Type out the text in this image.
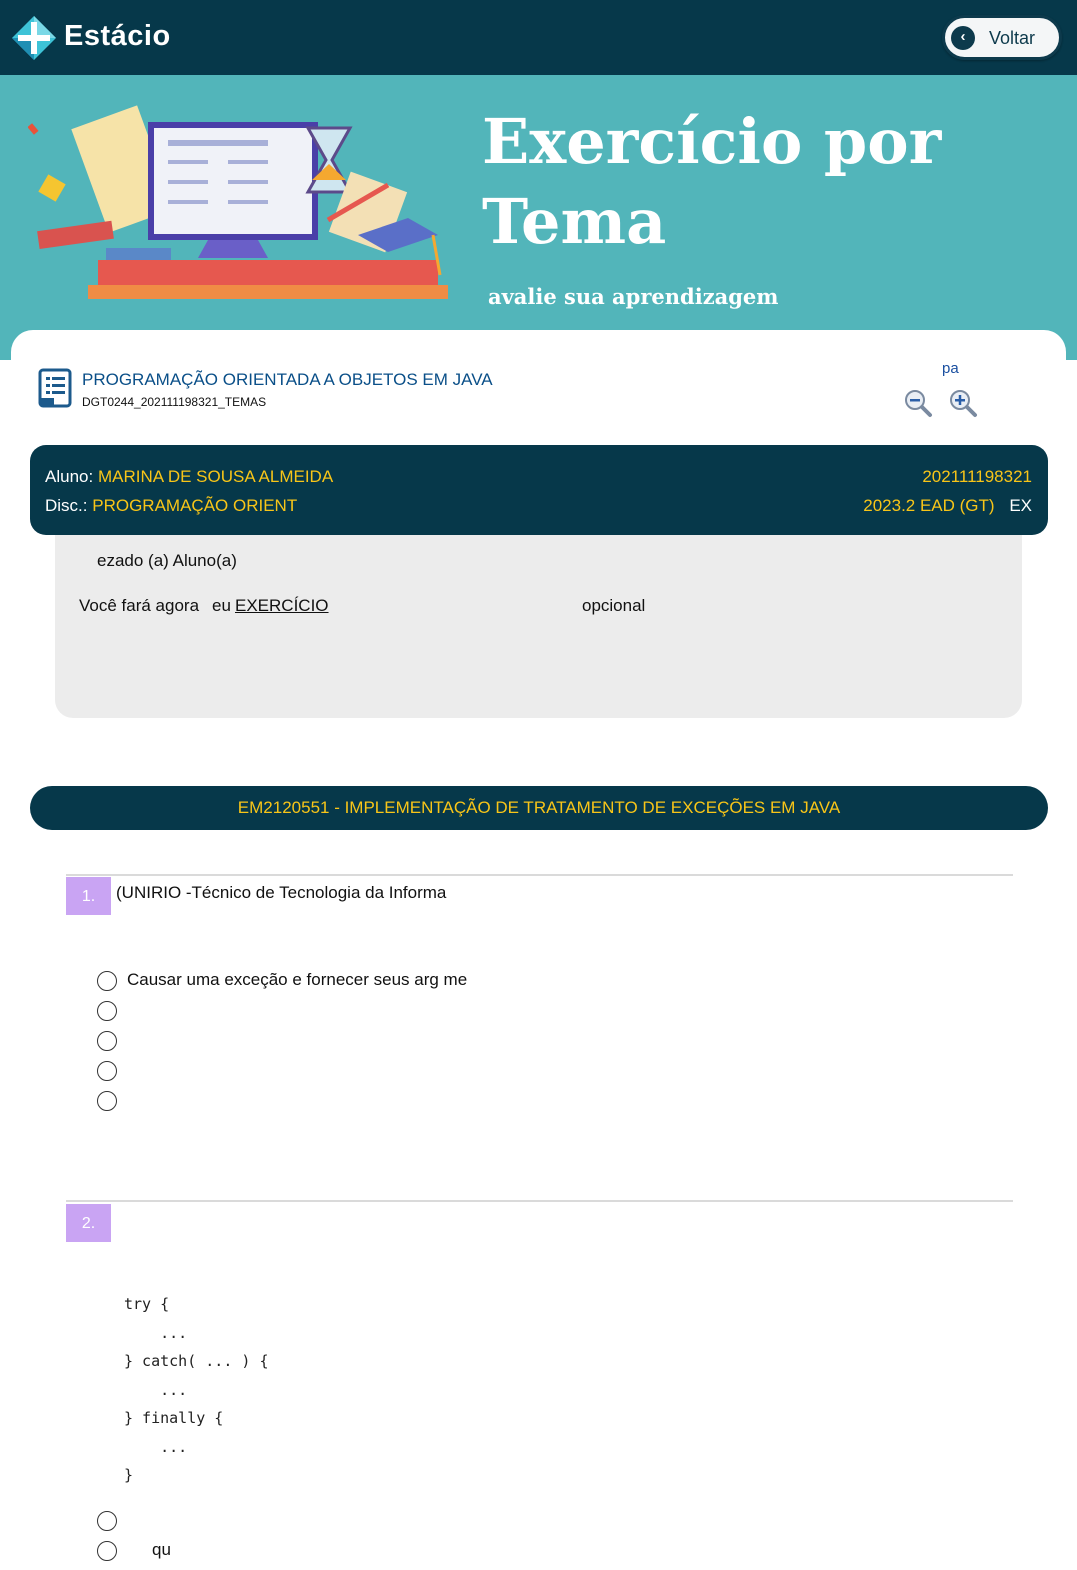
Estácio	‹	Voltar
Exercício por
Tema
avalie sua aprendizagem
PROGRAMAÇÃO ORIENTADA A OBJETOS EM JAVA
DGT0244_202111198321_TEMAS
pa
Aluno: MARINA DE SOUSA ALMEIDA	202111198321
Disc.: PROGRAMAÇÃO ORIENT	2023.2 EAD (GT) EX
ezado (a) Aluno(a)
Você fará agora eu EXERCÍCIO	opcional
EM2120551 - IMPLEMENTAÇÃO DE TRATAMENTO DE EXCEÇÕES EM JAVA
1.	(UNIRIO -Técnico de Tecnologia da Informa
Causar uma exceção e fornecer seus arg me
2.
try {
...
} catch( ... ) {
...
} finally {
...
}
qu
